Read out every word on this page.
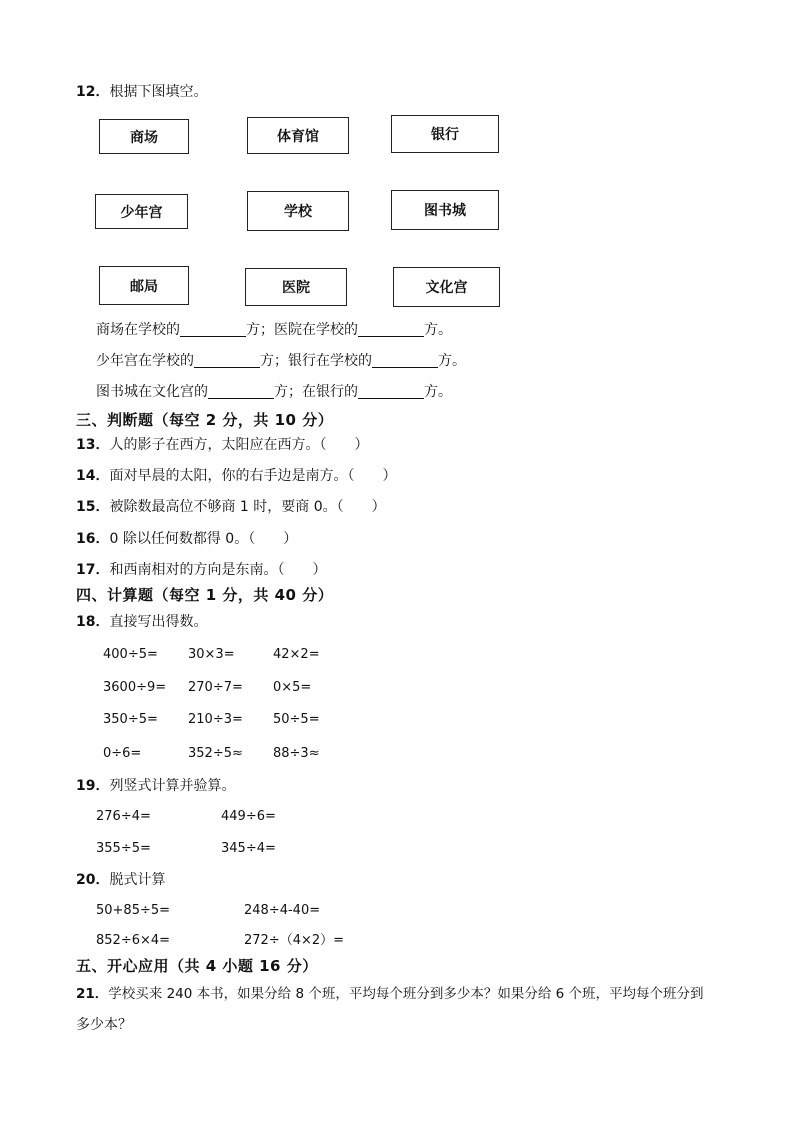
12．根据下图填空。
商场	体育馆	银行
少年宫	学校	图书城
邮局	医院	文化宫
商场在学校的	方；医院在学校的	方。
少年宫在学校的	方；银行在学校的	方。
图书城在文化宫的	方；在银行的	方。
三、判断题（每空 2 分，共 10 分）
13．人的影子在西方，太阳应在西方。（　　）
14．面对早晨的太阳，你的右手边是南方。（　　）
15．被除数最高位不够商 1 时，要商 0。（　　）
16．0 除以任何数都得 0。（　　）
17．和西南相对的方向是东南。（　　）
四、计算题（每空 1 分，共 40 分）
18．直接写出得数。
400÷5= 30×3=	42×2=
3600÷9= 270÷7= 0×5=
350÷5= 210÷3= 50÷5=
0÷6=	352÷5≈ 88÷3≈
19．列竖式计算并验算。
276÷4=	449÷6=
355÷5=	345÷4=
20．脱式计算
50+85÷5=	248÷4-40=
852÷6×4=	272÷（4×2）=
五、开心应用（共 4 小题 16 分）
21．学校买来 240 本书，如果分给 8 个班，平均每个班分到多少本？如果分给 6 个班，平均每个班分到
多少本？
